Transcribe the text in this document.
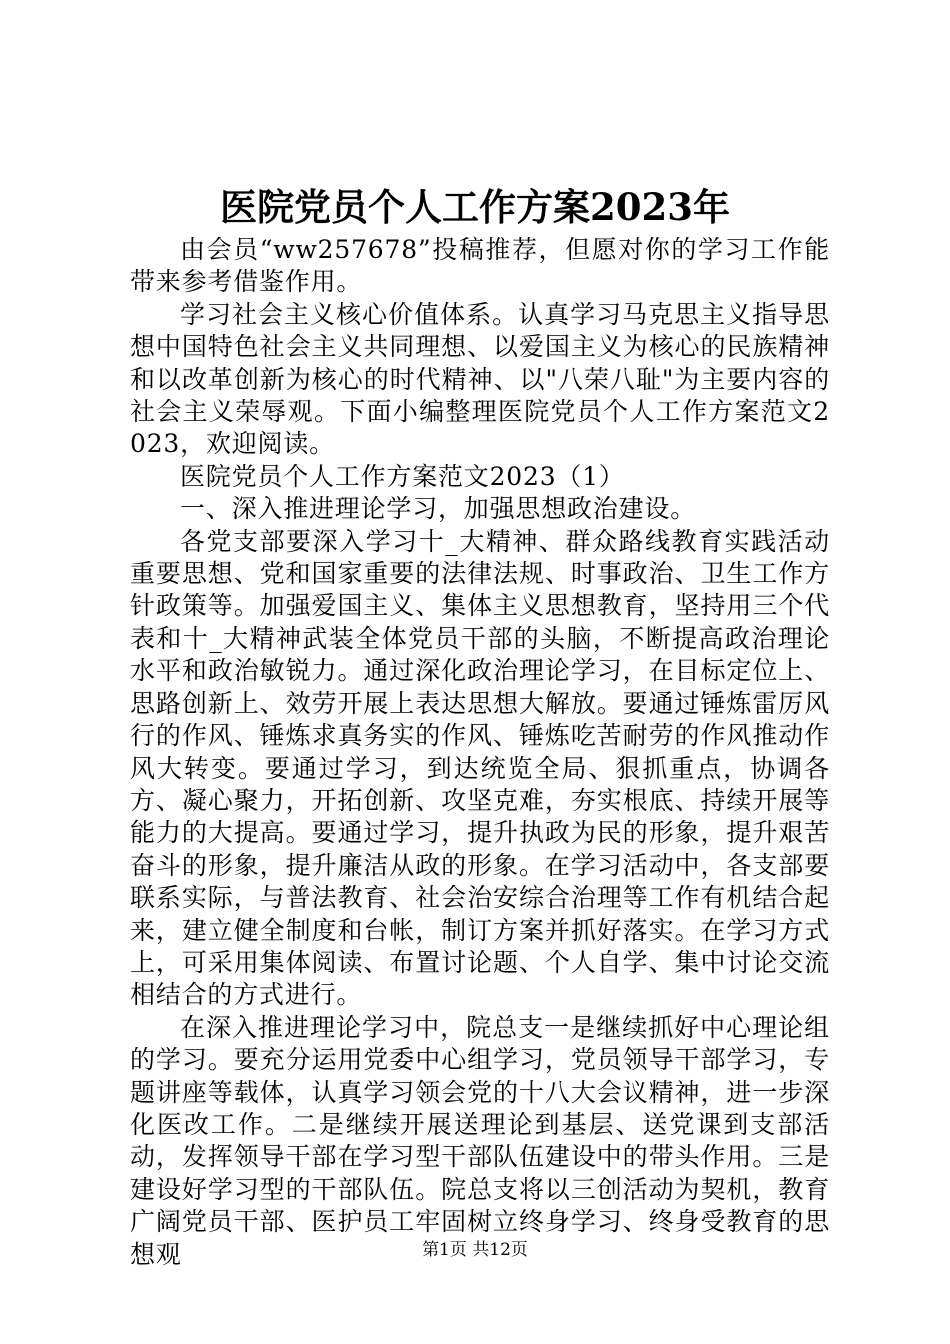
医院党员个人工作方案2023年

由会员“ww257678”投稿推荐，但愿对你的学习工作能带来参考借鉴作用。

学习社会主义核心价值体系。认真学习马克思主义指导思想中国特色社会主义共同理想、以爱国主义为核心的民族精神和以改革创新为核心的时代精神、以"八荣八耻"为主要内容的社会主义荣辱观。下面小编整理医院党员个人工作方案范文2023，欢迎阅读。

医院党员个人工作方案范文2023（1）

一、深入推进理论学习，加强思想政治建设。

各党支部要深入学习十_大精神、群众路线教育实践活动重要思想、党和国家重要的法律法规、时事政治、卫生工作方针政策等。加强爱国主义、集体主义思想教育，坚持用三个代表和十_大精神武装全体党员干部的头脑，不断提高政治理论水平和政治敏锐力。通过深化政治理论学习，在目标定位上、思路创新上、效劳开展上表达思想大解放。要通过锤炼雷厉风行的作风、锤炼求真务实的作风、锤炼吃苦耐劳的作风推动作风大转变。要通过学习，到达统览全局、狠抓重点，协调各方、凝心聚力，开拓创新、攻坚克难，夯实根底、持续开展等能力的大提高。要通过学习，提升执政为民的形象，提升艰苦奋斗的形象，提升廉洁从政的形象。在学习活动中，各支部要联系实际，与普法教育、社会治安综合治理等工作有机结合起来，建立健全制度和台帐，制订方案并抓好落实。在学习方式上，可采用集体阅读、布置讨论题、个人自学、集中讨论交流相结合的方式进行。

在深入推进理论学习中，院总支一是继续抓好中心理论组的学习。要充分运用党委中心组学习，党员领导干部学习，专题讲座等载体，认真学习领会党的十八大会议精神，进一步深化医改工作。二是继续开展送理论到基层、送党课到支部活动，发挥领导干部在学习型干部队伍建设中的带头作用。三是建设好学习型的干部队伍。院总支将以三创活动为契机，教育广阔党员干部、医护员工牢固树立终身学习、终身受教育的思想观	第1页 共12页
